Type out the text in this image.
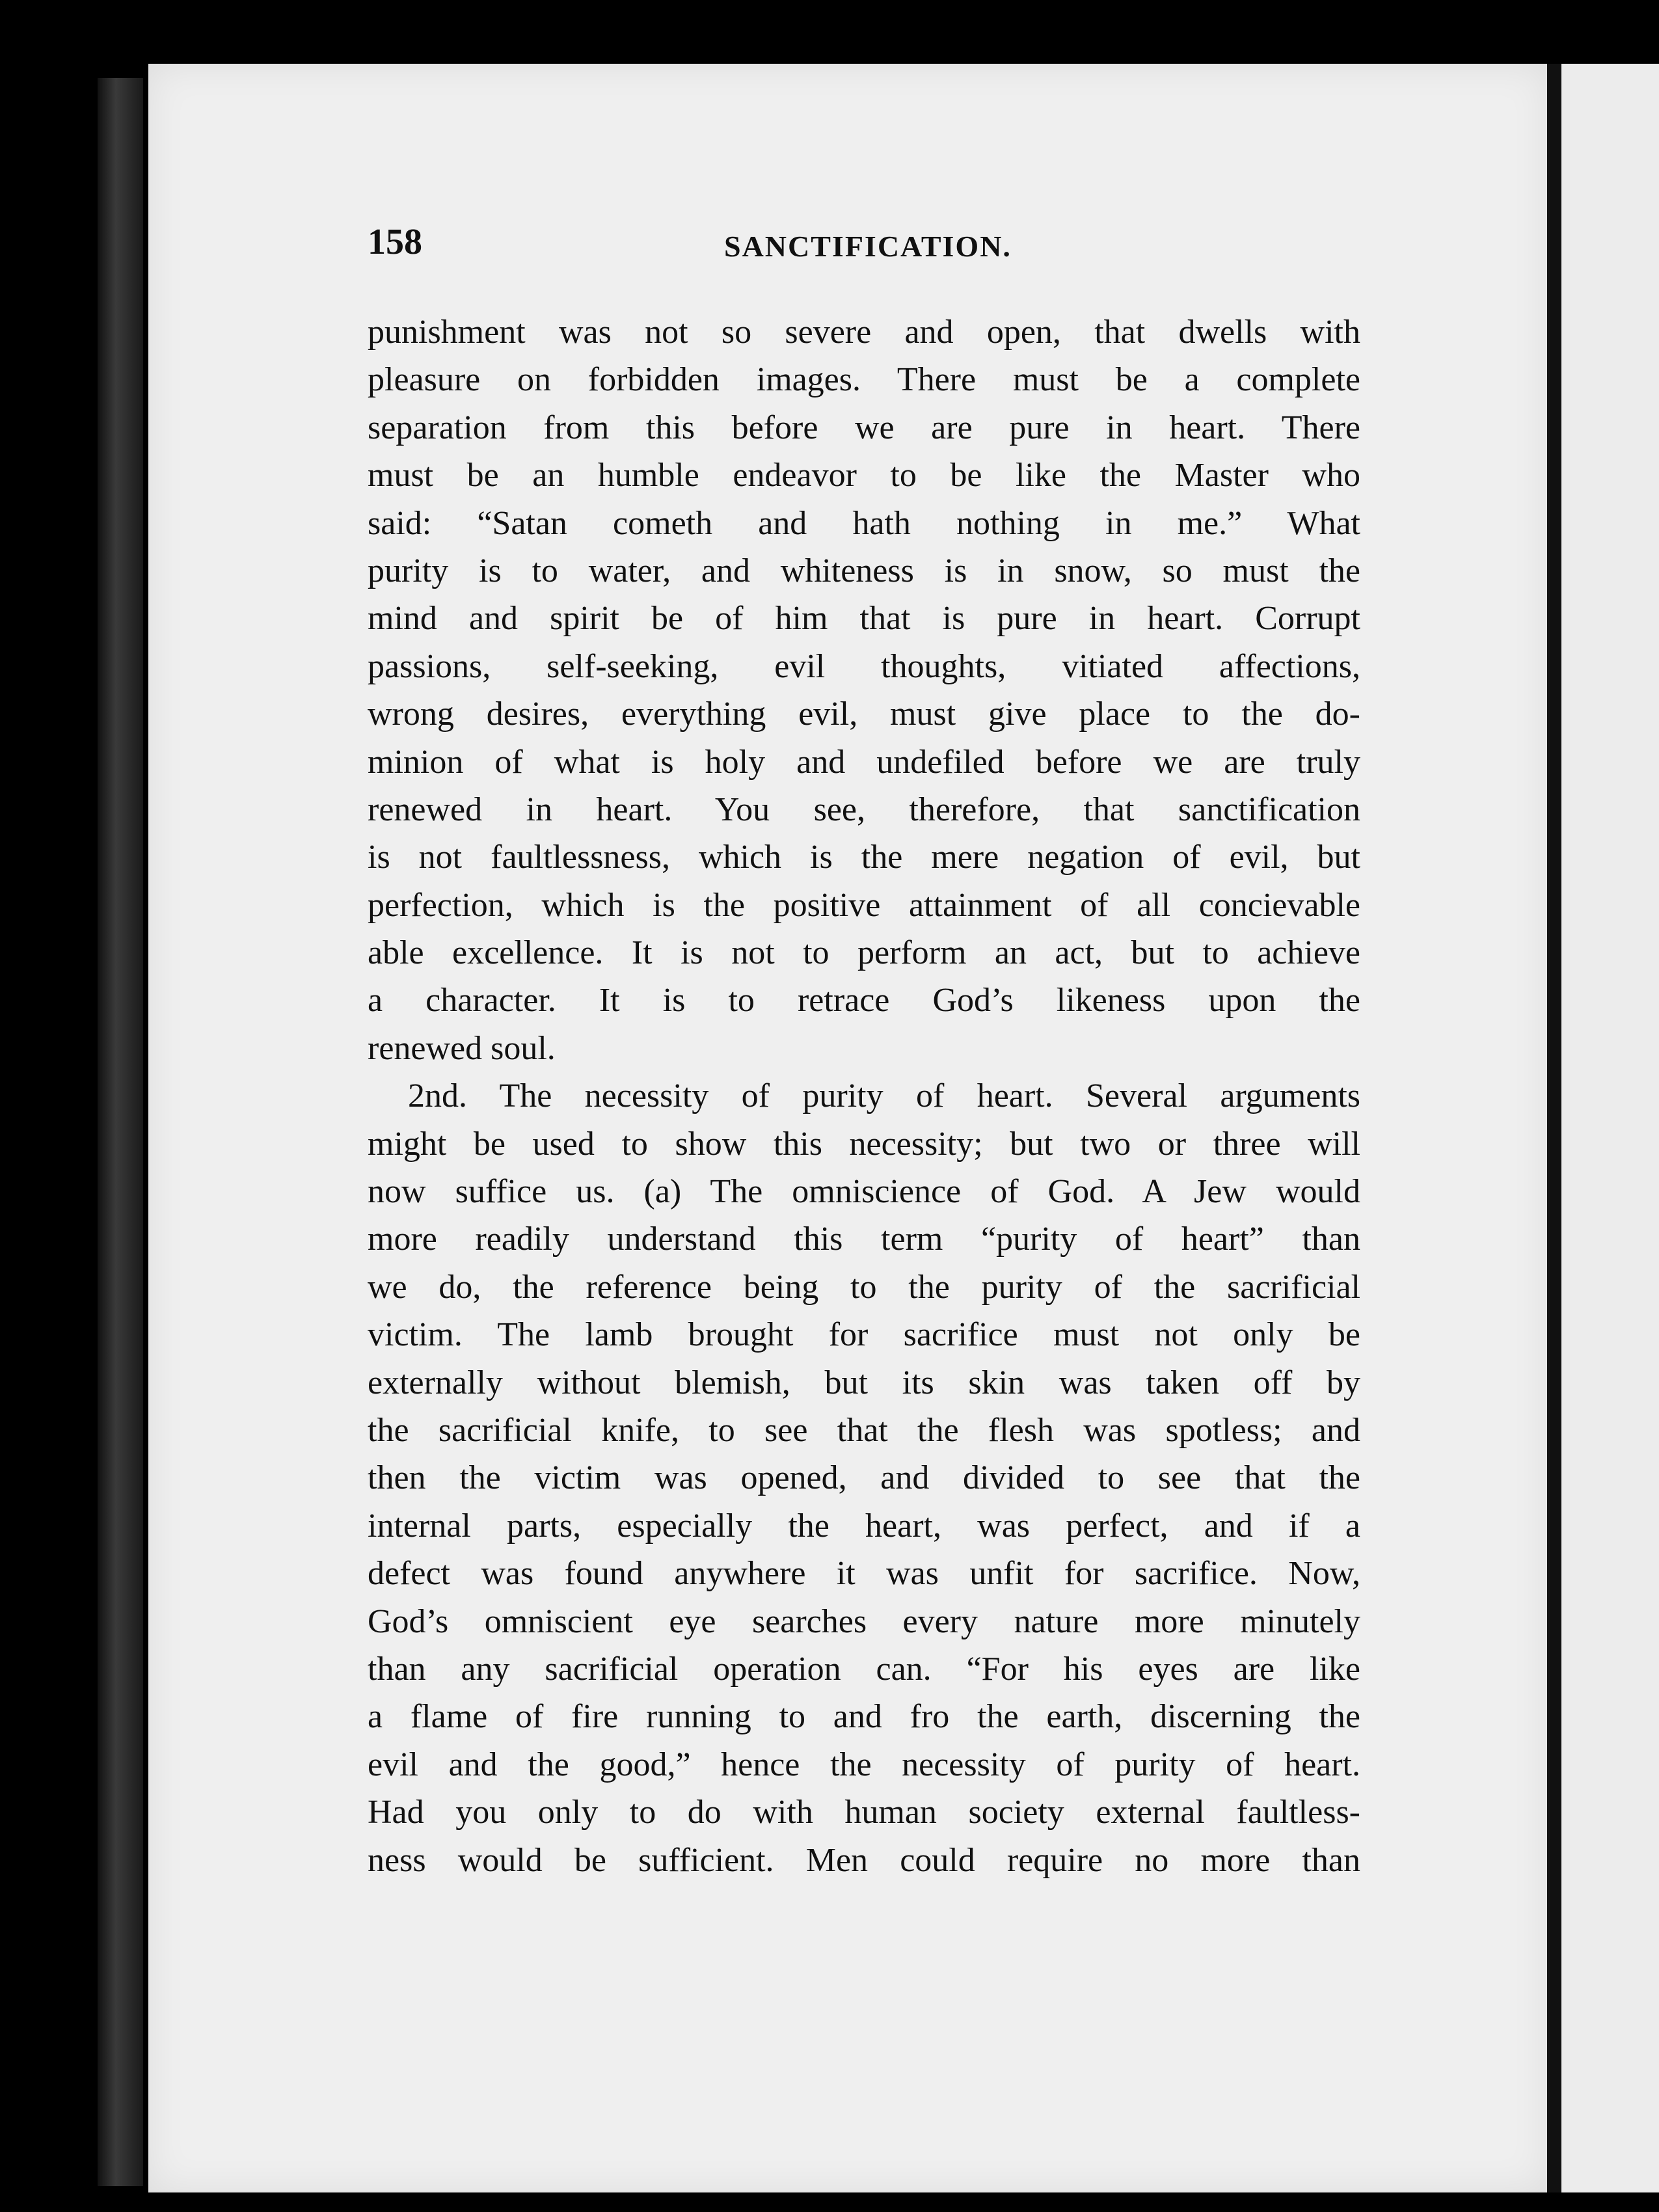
158	SANCTIFICATION.
punishment was not so severe and open, that dwells with
pleasure on forbidden images. There must be a complete
separation from this before we are pure in heart. There
must be an humble endeavor to be like the Master who
said: “Satan cometh and hath nothing in me.” What
purity is to water, and whiteness is in snow, so must the
mind and spirit be of him that is pure in heart. Corrupt
passions, self-seeking, evil thoughts, vitiated affections,
wrong desires, everything evil, must give place to the do-
minion of what is holy and undefiled before we are truly
renewed in heart. You see, therefore, that sanctification
is not faultlessness, which is the mere negation of evil, but
perfection, which is the positive attainment of all concievable
able excellence. It is not to perform an act, but to achieve
a character. It is to retrace God’s likeness upon the
renewed soul.
2nd. The necessity of purity of heart. Several arguments
might be used to show this necessity; but two or three will
now suffice us. (a) The omniscience of God. A Jew would
more readily understand this term “purity of heart” than
we do, the reference being to the purity of the sacrificial
victim. The lamb brought for sacrifice must not only be
externally without blemish, but its skin was taken off by
the sacrificial knife, to see that the flesh was spotless; and
then the victim was opened, and divided to see that the
internal parts, especially the heart, was perfect, and if a
defect was found anywhere it was unfit for sacrifice. Now,
God’s omniscient eye searches every nature more minutely
than any sacrificial operation can. “For his eyes are like
a flame of fire running to and fro the earth, discerning the
evil and the good,” hence the necessity of purity of heart.
Had you only to do with human society external faultless-
ness would be sufficient. Men could require no more than
